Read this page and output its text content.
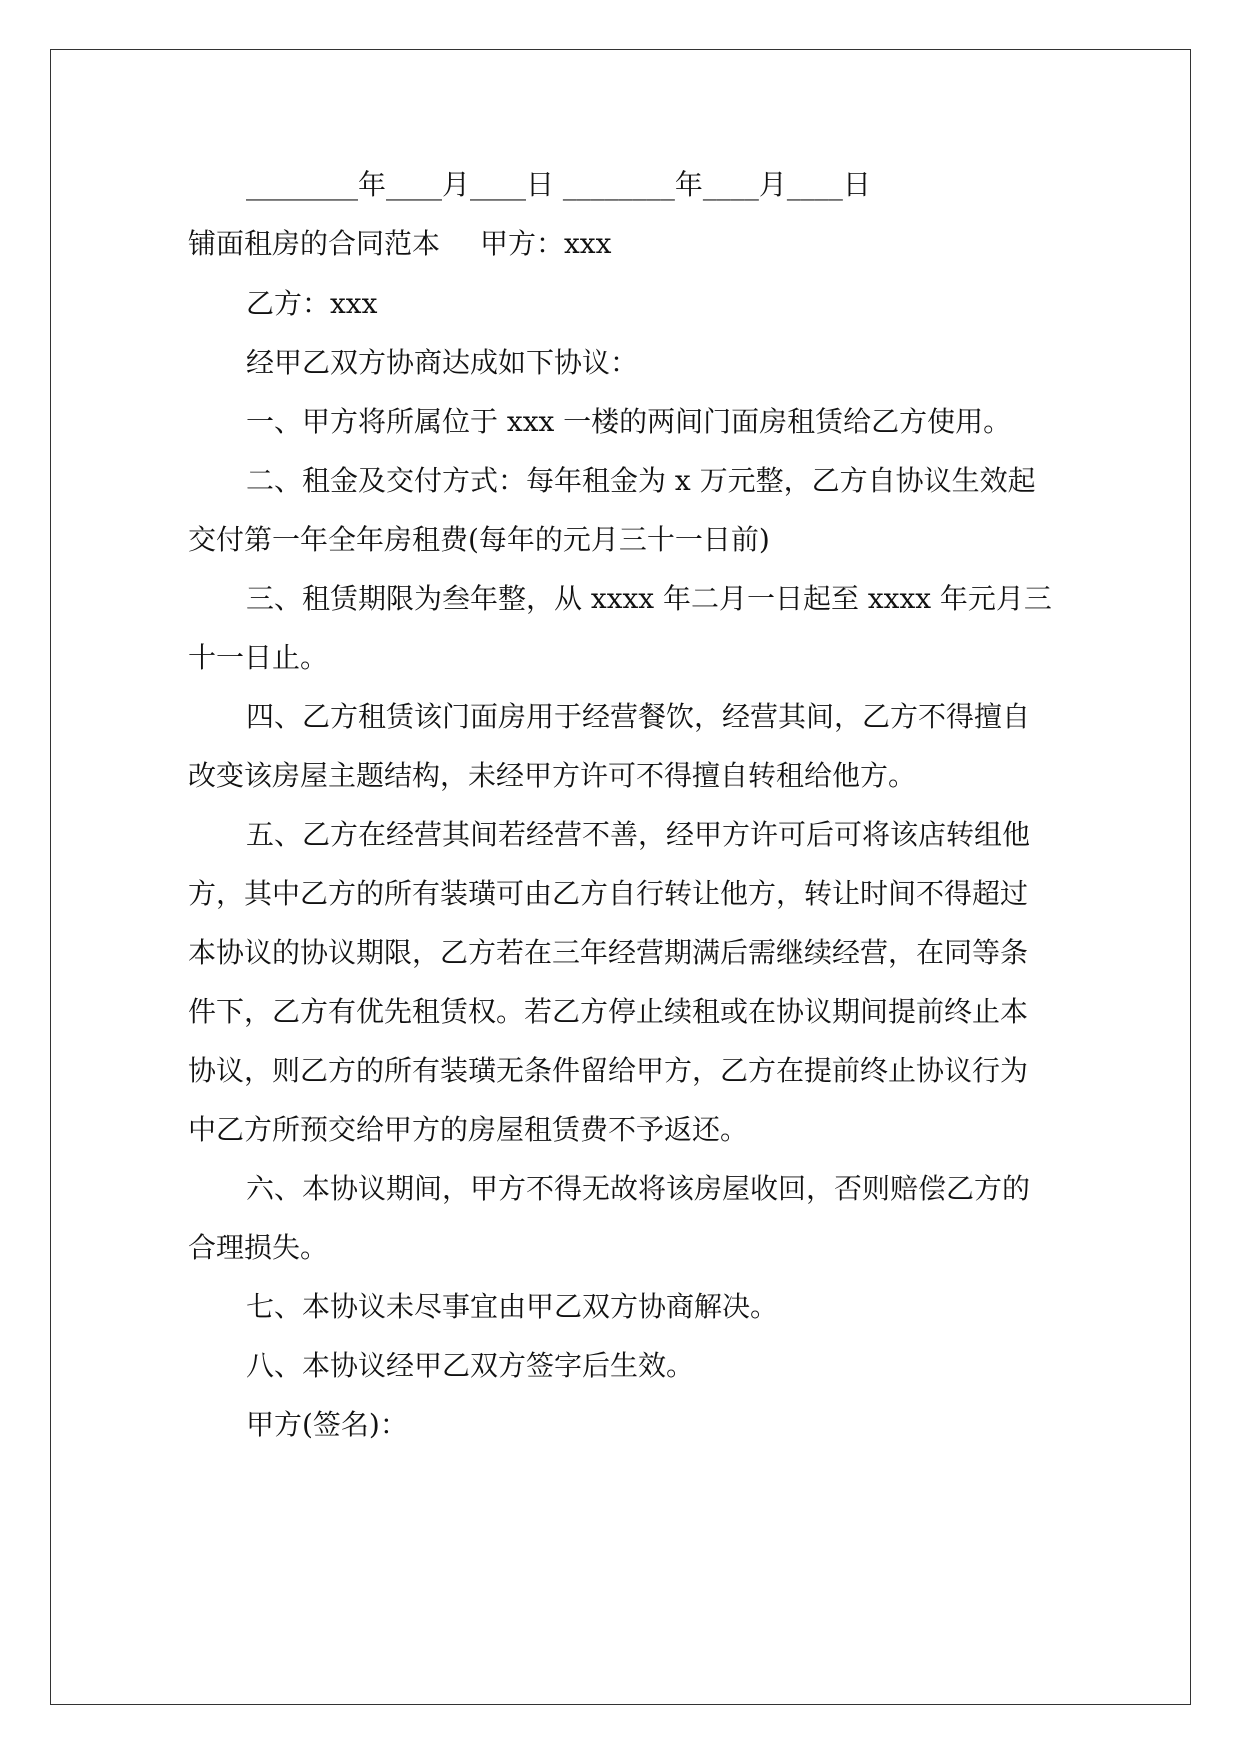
________年____月____日 ________年____月____日
铺面租房的合同范本 甲方：xxx
乙方：xxx
经甲乙双方协商达成如下协议：
一、甲方将所属位于 xxx 一楼的两间门面房租赁给乙方使用。
二、租金及交付方式：每年租金为 x 万元整，乙方自协议生效起
交付第一年全年房租费(每年的元月三十一日前)
三、租赁期限为叁年整，从 xxxx 年二月一日起至 xxxx 年元月三
十一日止。
四、乙方租赁该门面房用于经营餐饮，经营其间，乙方不得擅自
改变该房屋主题结构，未经甲方许可不得擅自转租给他方。
五、乙方在经营其间若经营不善，经甲方许可后可将该店转组他
方，其中乙方的所有装璜可由乙方自行转让他方，转让时间不得超过
本协议的协议期限，乙方若在三年经营期满后需继续经营，在同等条
件下，乙方有优先租赁权。若乙方停止续租或在协议期间提前终止本
协议，则乙方的所有装璜无条件留给甲方，乙方在提前终止协议行为
中乙方所预交给甲方的房屋租赁费不予返还。
六、本协议期间，甲方不得无故将该房屋收回，否则赔偿乙方的
合理损失。
七、本协议未尽事宜由甲乙双方协商解决。
八、本协议经甲乙双方签字后生效。
甲方(签名)：
